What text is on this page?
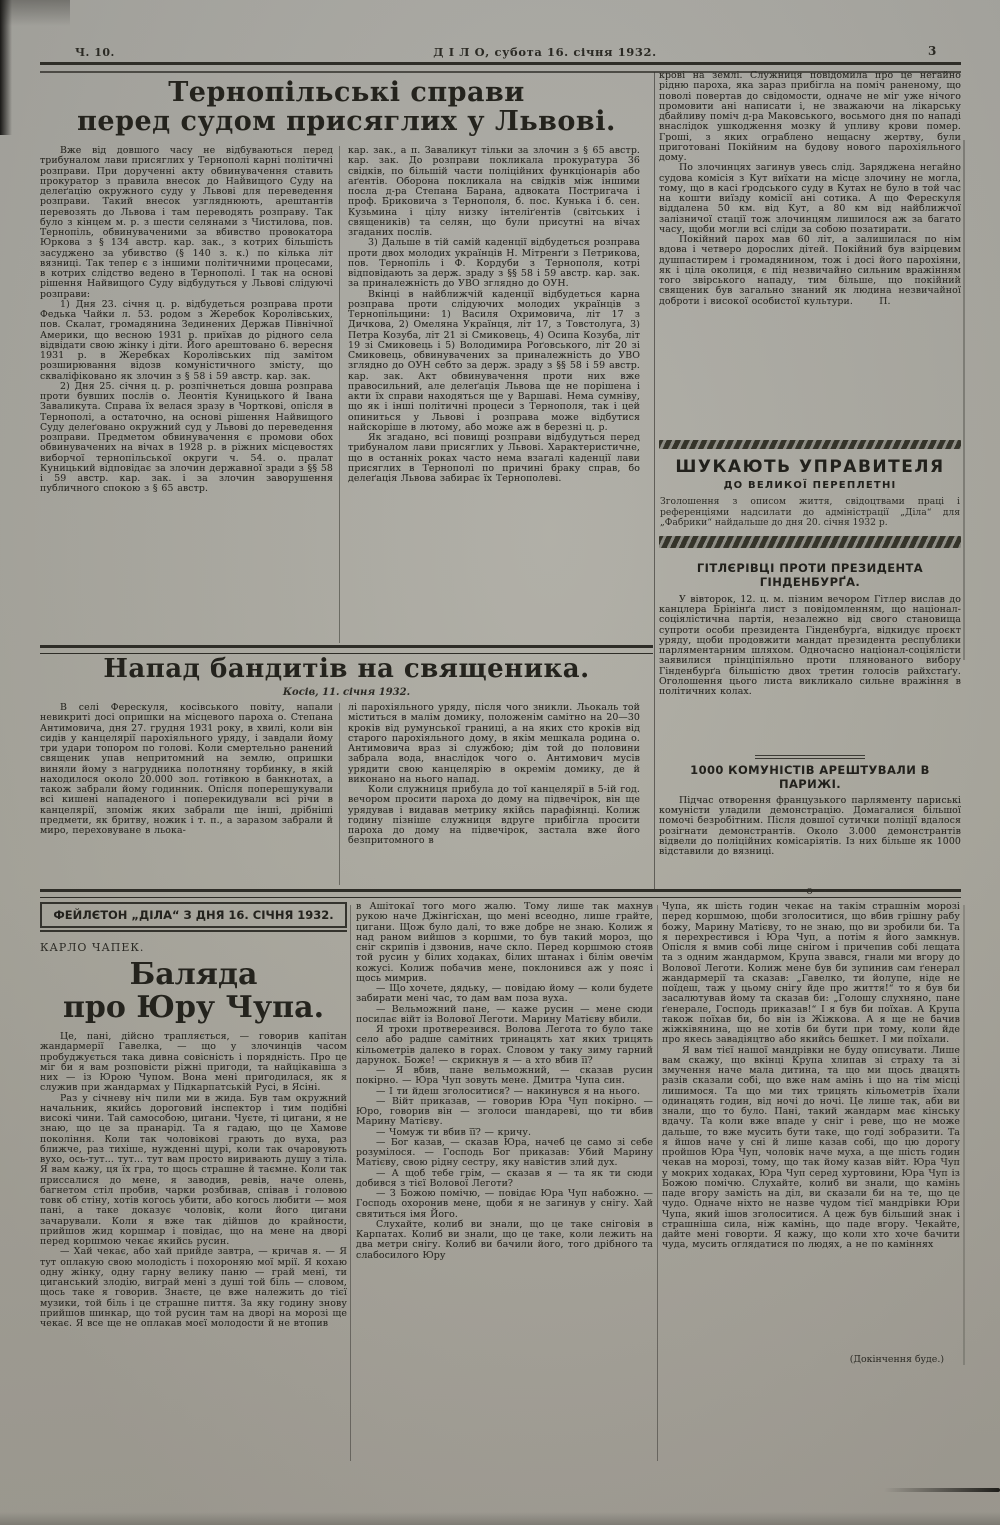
Ч. 10.	Д І Л О, субота 16. січня 1932.	3
Тернопільські справи
перед судом присяглих у Львові.

Вже від довшого часу не відбуваються перед трибуналом лави присяглих у Тернополі карні політичні розправи. При дорученні акту обвинувачення ставить прокуратор з правила внесок до Найвищого Суду на делеґацію окружного суду у Львові для переведення розправи. Такий внесок узгляднюють, арештантів перевозять до Львова і там переводять розправу. Так було з кінцем м. р. з шести селянами з Чистилова, пов. Тернопіль, обвинуваченими за вбивство провокатора Юркова з § 134 австр. кар. зак., з котрих більшість засуджено за убивство (§ 140 з. к.) по кілька літ вязниці. Так тепер є з іншими політичними процесами, в котрих слідство ведено в Тернополі. І так на основі рішення Найвищого Суду відбудуться у Львові слідуючі розправи:

1) Дня 23. січня ц. р. відбудеться розправа проти Федька Чайки л. 53. родом з Жеребок Королівських, пов. Скалат, громадянина Зединених Держав Північної Америки, що весною 1931 р. приїхав до рідного села відвідати свою жінку і діти. Його арештовано 6. вересня 1931 р. в Жеребках Королівських під замітом розширювання відозв комуністичного змісту, що скваліфіковано як злочин з § 58 і 59 австр. кар. зак.

2) Дня 25. січня ц. р. розпічнеться довша розправа проти бувших послів о. Леонтія Куницького й Івана Заваликута. Справа їх велася зразу в Чорткові, опісля в Тернополі, а остаточно, на основі рішення Найвищого Суду делеґовано окружний суд у Львові до переведення розправи. Предметом обвинувачення є промови обох обвинувачених на вічах в 1928 р. в ріжних місцевостях виборчої тернопільської округи ч. 54. о. пралат Куницький відповідає за злочин державної зради з §§ 58 і 59 австр. кар. зак. і за злочин заворушення публичного спокою з § 65 австр.

кар. зак., а п. Заваликут тільки за злочин з § 65 австр. кар. зак. До розправи покликала прокуратура 36 свідків, по більшій части поліційних функціонарів або аґентів. Оборона покликала на свідків між іншими посла д-ра Степана Барана, адвоката Постригача і проф. Бриковича з Тернополя, б. пос. Кунька і б. сен. Кузьмина і цілу низку інтеліґентів (світських і священиків) та селян, що були присутні на вічах згаданих послів.

3) Дальше в тій самій каденції відбудеться розправа проти двох молодих українців Н. Мітренґи з Петрикова, пов. Тернопіль і Ф. Кордуби з Тернополя, котрі відповідають за держ. зраду з §§ 58 і 59 австр. кар. зак. за приналежність до УВО зглядно до ОУН.

Вкінці в найближчій каденції відбудеться карна розправа проти слідуючих молодих українців з Тернопільщини: 1) Василя Охримовича, літ 17 з Дичкова, 2) Омеляна Українця, літ 17, з Товстолуга, 3) Петра Козуба, літ 21 зі Смиковець, 4) Осипа Козуба, літ 19 зі Смиковець і 5) Володимира Роґовського, літ 20 зі Смиковець, обвинувачених за приналежність до УВО зглядно до ОУН себто за держ. зраду з §§ 58 і 59 австр. кар. зак. Акт обвинувачення проти них вже правосильний, але делеґація Львова ще не порішена і акти їх справи находяться ще у Варшаві. Нема сумніву, що як і інші політичні процеси з Тернополя, так і цей опиниться у Львові і розправа може відбутися найскоріше в лютому, або може аж в березні ц. р.

Як згадано, всі повищі розправи відбудуться перед трибуналом лави присяглих у Львові. Характеристичне, що в останніх роках часто нема взагалі каденції лави присяглих в Тернополі по причині браку справ, бо делеґація Львова забирає їх Тернополеві.

Напад бандитів на священика.
Косів, 11. січня 1932.

В селі Ферескуля, косівського повіту, напали невикриті досі опришки на місцевого пароха о. Степана Антимовича, дня 27. грудня 1931 року, в хвилі, коли він сидів у канцелярії парохіяльного уряду, і завдали йому три удари топором по голові. Коли смертельно ранений священик упав непритомний на землю, опришки виняли йому з нагрудника полотняну торбинку, в якій находилося около 20.000 зол. готівкою в банкнотах, а також забрали йому годинник. Опісля поперешукували всі кишені нападеного і поперекидували всі річи в канцелярії, зпоміж яких забрали ще інші, дрібніші предмети, як бритву, ножик і т. п., а заразом забрали й миро, переховуване в льока-

лі парохіяльного уряду, після чого зникли. Льокаль той міститься в малім домику, положенім самітно на 20—30 кроків від румунської границі, а на яких сто кроків від старого парохіяльного дому, в якім мешкала родина о. Антимовича враз зі службою; дім той до половини забрала вода, внаслідок чого о. Антимович мусів урядити свою канцелярію в окремім домику, де й виконано на нього напад.

Коли служниця прибула до тої канцелярії в 5-ій год. вечором просити пароха до дому на підвечірок, він ще урядував і видавав метрику якійсь парафіянці. Колиж годину пізніше служниця вдруге прибігла просити пароха до дому на підвечірок, застала вже його безпритомного в

крові на землі. Служниця повідомила про це негайно рідню пароха, яка зараз прибігла на поміч раненому, що поволі повертав до свідомости, одначе не міг уже нічого промовити ані написати і, не зважаючи на лікарську дбайливу поміч д-ра Маковського, восьмого дня по нападі внаслідок ушкодження мозку й упливу крови помер. Гроші, з яких ограблено нещасну жертву, були приготовані Покійним на будову нового парохіяльного дому.

По злочинцях загинув увесь слід. Заряджена негайно судова комісія з Кут виїхати на місце злочину не могла, тому, що в касі ґродського суду в Кутах не було в той час на кошти виїзду комісії ані сотика. А що Ферескуля віддалена 50 км. від Кут, а 80 км від найближчої залізничої стації тож злочинцям лишилося аж за багато часу, щоби могли всі сліди за собою позатирати.

Покійний парох мав 60 літ, а залишилася по нім вдова і четверо дорослих дітей. Покійний був взірцевим душпастирем і громадянином, тож і досі його парохіяни, як і ціла околиця, є під незвичайно сильним вражінням того звірського нападу, тим більше, що покійний священик був загально знаний як людина незвичайної доброти і високої особистої культури.    П.

ШУКАЮТЬ УПРАВИТЕЛЯ
ДО ВЕЛИКОЇ ПЕРЕПЛЕТНІ
Зголошення з описом життя, свідоцтвами праці і референціями надсилати до адміністрації „Діла“ для „Фабрики“ найдальше до дня 20. січня 1932 р.
ГІТЛЄРІВЦІ ПРОТИ ПРЕЗИДЕНТА ГІНДЕНБУРҐА.

У вівторок, 12. ц. м. пізним вечором Гітлер вислав до канцлера Брінінґа лист з повідомленням, що націонал-соціялістична партія, незалежно від свого становища супроти особи президента Гінденбурґа, відкидує проєкт уряду, щоби продовжити мандат президента республики парляментарним шляхом. Одночасно націонал-соціялісти заявилися прінціпіяльно проти плянованого вибору Гінденбурґа більшістю двох третин голосів райхстаґу. Оголошення цього листа викликало сильне вражіння в політичних колах.

1000 КОМУНІСТІВ АРЕШТУВАЛИ В ПАРИЖІ.

Підчас отворення французького парляменту париські комуністи уладили демонстрацію. Домагалися більшої помочі безробітним. Після довшої сутички поліції вдалося розігнати демонстрантів. Около 3.000 демонстрантів відвели до поліційних комісаріятів. Із них більше як 1000 відставили до вязниці.

———о———
ФЕЙЛЄТОН „ДІЛА“ З ДНЯ 16. СІЧНЯ 1932.
КАРЛО ЧАПЕК.
Баляда
про Юру Чупа.

Це, пані, дійсно трапляється, — говорив капітан жандармерії Гавелка, — що у злочинців часом пробуджується така дивна совісність і порядність. Про це міг би я вам розповісти ріжні пригоди, та найцікавіша з них — із Юрою Чупом. Вона мені пригодилася, як я служив при жандармах у Підкарпатській Русі, в Ясіні.

Раз у січневу ніч пили ми в жида. Був там окружний начальник, якийсь дороговий інспектор і тим подібні високі чини. Тай самособою, цигани. Чуєте, ті цигани, я не знаю, що це за пранарід. Та я гадаю, що це Хамове покоління. Коли так чоловікові грають до вуха, раз ближче, раз тихіше, нужденні щурі, коли так очаровують вухо, ось-тут... тут... тут вам просто виривають душу з тіла. Я вам кажу, ця їх гра, то щось страшне й таємне. Коли так приссалися до мене, я заводив, ревів, наче олень, багнетом стіл пробив, чарки розбивав, співав і головою товк об стіну, хотів когось убити, або когось любити — моя пані, а таке доказує чоловік, коли його цигани зачарували. Коли я вже так дійшов до крайности, прийшов жид коршмар і повідає, що на мене на дворі перед коршмою чекає якийсь русин.

— Хай чекає, або хай прийде завтра, — кричав я. — Я тут оплакую свою молодість і похороняю мої мрії. Я кохаю одну жінку, одну гарну велику паню — грай мені, ти циганський злодію, виграй мені з душі той біль — словом, щось таке я говорив. Знаєте, це вже належить до тієї музики, той біль і це страшне пиття. За яку годину знову прийшов шинкар, що той русин там на дворі на морозі ще чекає. Я все ще не оплакав моєї молодости й не втопив

в Ашітокаї того мого жалю. Тому лише так махнув рукою наче Джінгісхан, що мені всеодно, лише грайте, цигани. Щож було далі, то вже добре не знаю. Колиж я над раном вийшов з коршми, то був такий мороз, що сніг скрипів і дзвонив, наче скло. Перед коршмою стояв той русин у білих ходаках, білих штанах і білім овечім кожусі. Колиж побачив мене, поклонився аж у пояс і щось мимрив.

— Що хочете, дядьку, — повідаю йому — коли будете забирати мені час, то дам вам поза вуха.

— Вельможний пане, — каже русин — мене сюди посилає війт із Волової Леготи. Марину Матієву вбили.

Я трохи протверезився. Волова Легота то було таке село або радше самітних тринацять хат яких трицять кільометрів далеко в горах. Словом у таку зиму гарний дарунок. Боже! — скрикнув я — а хто вбив її?

— Я вбив, пане вельможний, — сказав русин покірно. — Юра Чуп зовуть мене. Дмитра Чупа син.

— І ти йдеш зголоситися? — накинувся я на нього.

— Війт приказав, — говорив Юра Чуп покірно. — Юро, говорив він — зголоси шандареві, що ти вбив Марину Матієву.

— Чомуж ти вбив її? — кричу.

— Бог казав, — сказав Юра, начеб це само зі себе розумілося. — Господь Бог приказав: Убий Марину Матієву, свою рідну сестру, яку навістив злий дух.

— А щоб тебе грім, — сказав я — та як ти сюди добився з тієї Волової Леготи?

— З Божою помічю, — повідає Юра Чуп набожно. — Господь охоронив мене, щоби я не загинув у снігу. Хай святиться імя Його.

Слухайте, колиб ви знали, що це таке сніговія в Карпатах. Колиб ви знали, що це таке, коли лежить на два метри снігу. Колиб ви бачили його, того дрібного та слабосилого Юру

Чупа, як шість годин чекає на такім страшнім морозі перед коршмою, щоби зголоситися, що вбив грішну рабу божу, Марину Матієву, то не знаю, що ви зробили би. Та я перехрестився і Юра Чуп, а потім я його замкнув. Опісля я вмив собі лице снігом і причепив собі лещата та з одним жандармом, Крупа звався, гнали ми вгору до Волової Леготи. Колиж мене був би зупинив сам ґенерал жандармерії та сказав: „Гавелко, ти йолупе, ніде не поїдеш, таж у цьому снігу йде про життя!“ то я був би засалютував йому та сказав би: „Голошу слухняно, пане ґенерале, Господь приказав!“ І я був би поїхав. А Крупа також поїхав би, бо він із Жіжкова. А я ще не бачив жіжківянина, що не хотів би бути при тому, коли йде про якесь завадіяцтво або якийсь бешкет. І ми поїхали.

Я вам тієї нашої мандрівки не буду описувати. Лише вам скажу, що вкінці Крупа хлипав зі страху та зі змучення наче мала дитина, та що ми щось двацять разів сказали собі, що вже нам амінь і що на тім місці лишимося. Та що ми тих трицять кільометрів їхали одинацять годин, від ночі до ночі. Це лише так, аби ви знали, що то було. Пані, такий жандарм має кінську вдачу. Та коли вже впаде у сніг і реве, що не може дальше, то вже мусить бути таке, що годі зобразити. Та я йшов наче у сні й лише казав собі, що цю дорогу пройшов Юра Чуп, чоловік наче муха, а ще шість годин чекав на морозі, тому, що так йому казав війт. Юра Чуп у мокрих ходаках, Юра Чуп серед хуртовини, Юра Чуп із Божою помічю. Слухайте, колиб ви знали, що камінь паде вгору замість на діл, ви сказали би на те, що це чудо. Одначе ніхто не назве чудом тієї мандрівки Юри Чупа, який ішов зголоситися. А цеж був більший знак і страшніша сила, ніж камінь, що паде вгору. Чекайте, дайте мені говорти. Я кажу, що коли хто хоче бачити чуда, мусить оглядатися по людях, а не по каміннях

(Докінчення буде.)
